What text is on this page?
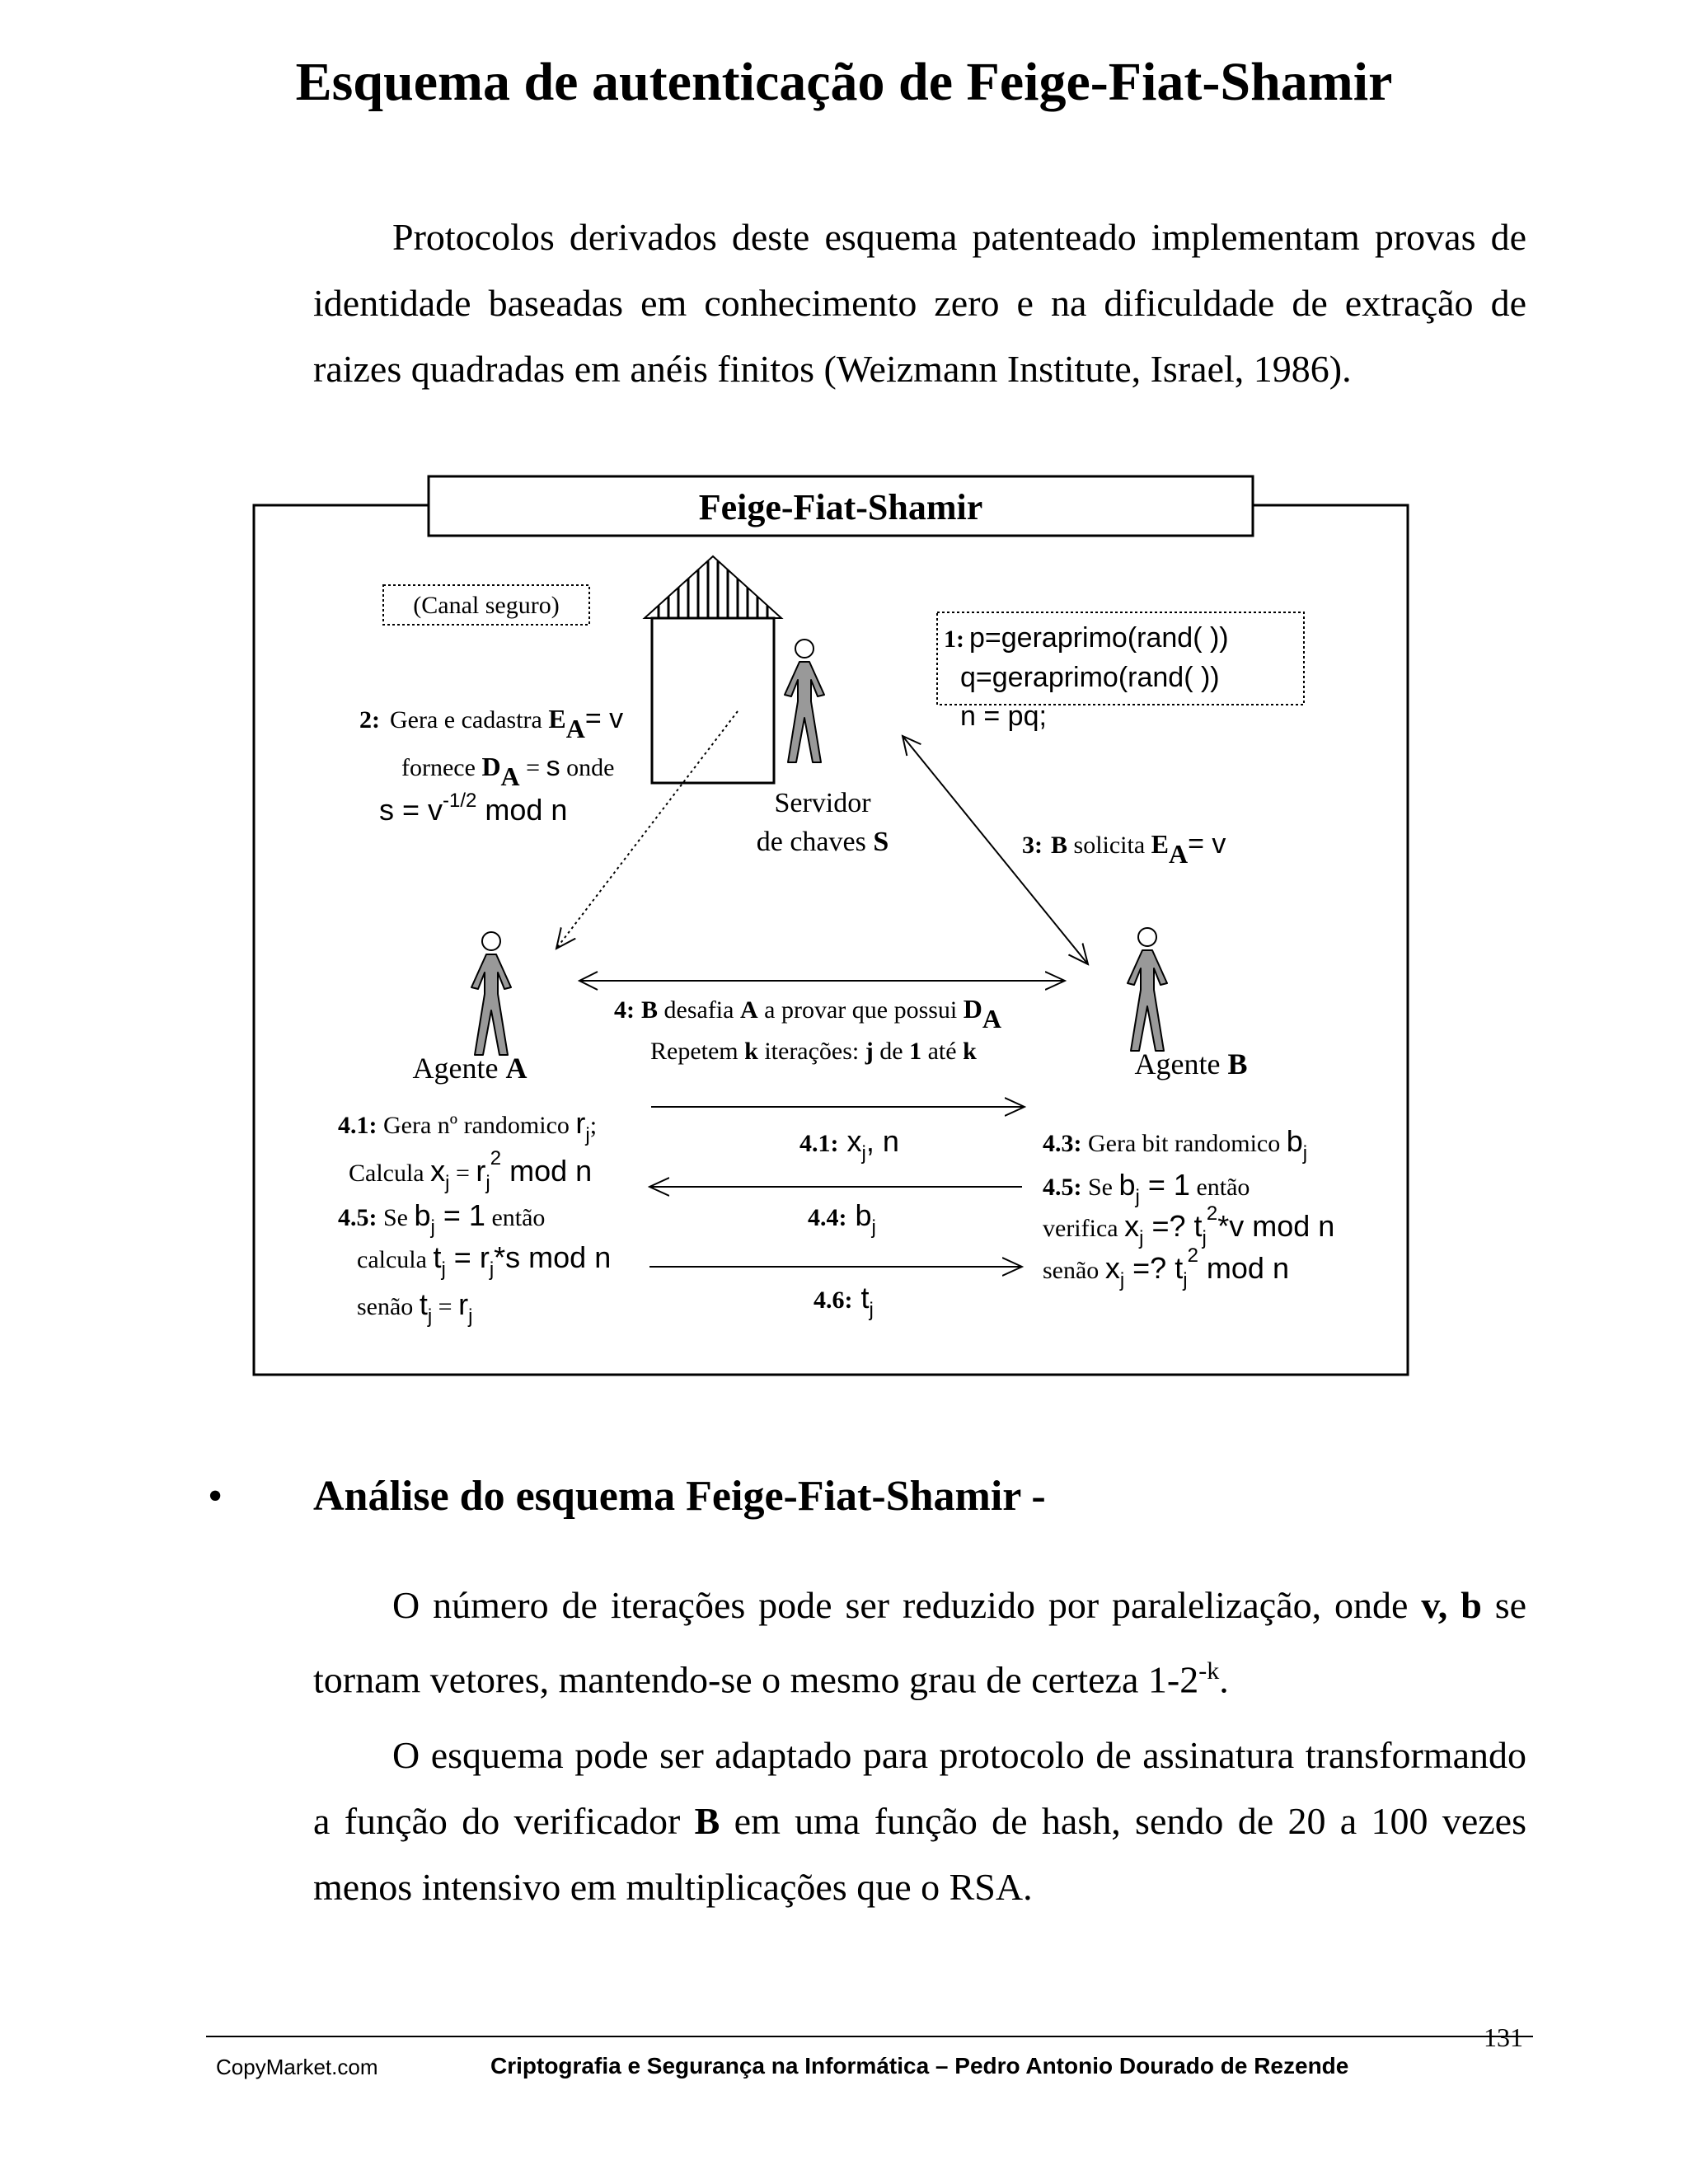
Esquema de autenticação de Feige-Fiat-Shamir
Protocolos derivados deste esquema patenteado implementam provas de identidade baseadas em conhecimento zero e na dificuldade de extração de raizes quadradas em anéis finitos (Weizmann Institute, Israel, 1986).
Feige-Fiat-Shamir
(Canal seguro)
Servidor
de chaves S
1: p=geraprimo(rand( ))
q=geraprimo(rand( ))
n = pq;
2: Gera e cadastra EA= v
fornece DA = s onde
$s = v^{-1/2}$ mod n
3: B solicita EA= v
Agente A	Agente B
4: B desafia A a provar que possui DA
Repetem k iterações: j de 1 até k
4.1: Gera nº randomico $r_j$;
Calcula $x_j = r_j^2$ mod n
4.5: Se $b_j = 1$ então
calcula $t_j = r_j*s$ mod n
senão $t_j = r_j$
4.1: $x_j$, n
4.4: $b_j$
4.6: $t_j$
4.3: Gera bit randomico $b_j$
4.5: Se $b_j = 1$ então
verifica $x_j$ =? $t_j^2*v$ mod n
senão $x_j$ =? $t_j^2$ mod n
• Análise do esquema Feige-Fiat-Shamir -
O número de iterações pode ser reduzido por paralelização, onde v, b se tornam vetores, mantendo-se o mesmo grau de certeza $1-2^{-k}$.
O esquema pode ser adaptado para protocolo de assinatura transformando a função do verificador B em uma função de hash, sendo de 20 a 100 vezes menos intensivo em multiplicações que o RSA.
CopyMarket.com	Criptografia e Segurança na Informática – Pedro Antonio Dourado de Rezende
131
